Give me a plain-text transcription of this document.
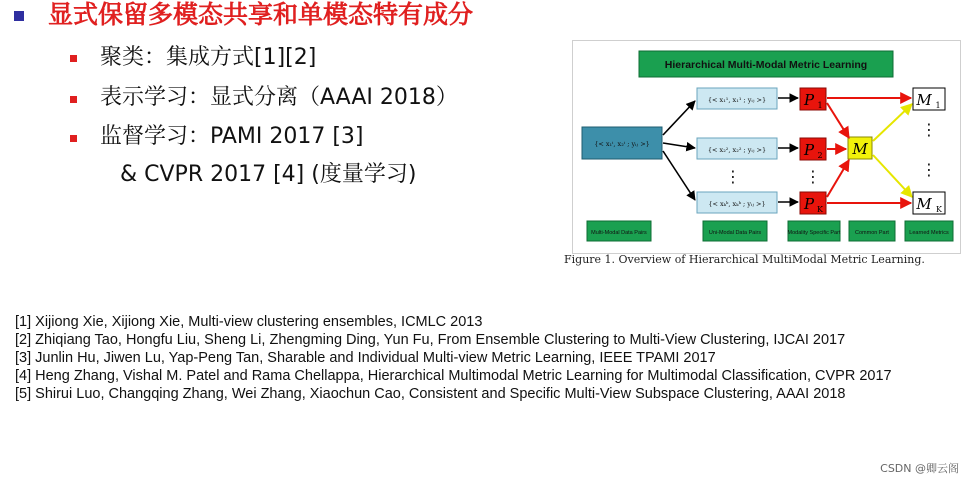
显式保留多模态共享和单模态特有成分
聚类：集成方式[1][2]
表示学习：显式分离（AAAI 2018）
监督学习：PAMI 2017 [3]
& CVPR 2017 [4] (度量学习)
Hierarchical Multi-Modal Metric Learning
{< x₁ⁱ, x₂ⁱ ; yᵢⱼ >}
{< x₁¹, x₁¹ ; yᵢⱼ >}
{< x₂², x₂² ; yᵢⱼ >}
⋮
{< xₖᵏ, xₖᵏ ; yᵢⱼ >}
P 1
P 2
⋮
P K
M
M 1
⋮
⋮
M K
Multi-Modal Data Pairs	Uni-Modal Data Pairs	Modality Specific Part	Common Part	Learned Metrics
Figure 1. Overview of Hierarchical MultiModal Metric Learning.

[1] Xijiong Xie, Xijiong Xie, Multi-view clustering ensembles, ICMLC 2013

[2] Zhiqiang Tao, Hongfu Liu, Sheng Li, Zhengming Ding, Yun Fu, From Ensemble Clustering to Multi-View Clustering, IJCAI 2017

[3] Junlin Hu, Jiwen Lu, Yap-Peng Tan, Sharable and Individual Multi-view Metric Learning, IEEE TPAMI 2017

[4] Heng Zhang, Vishal M. Patel and Rama Chellappa, Hierarchical Multimodal Metric Learning for Multimodal Classification, CVPR 2017

[5] Shirui Luo, Changqing Zhang, Wei Zhang, Xiaochun Cao, Consistent and Specific Multi-View Subspace Clustering, AAAI 2018

CSDN @卿云阁
